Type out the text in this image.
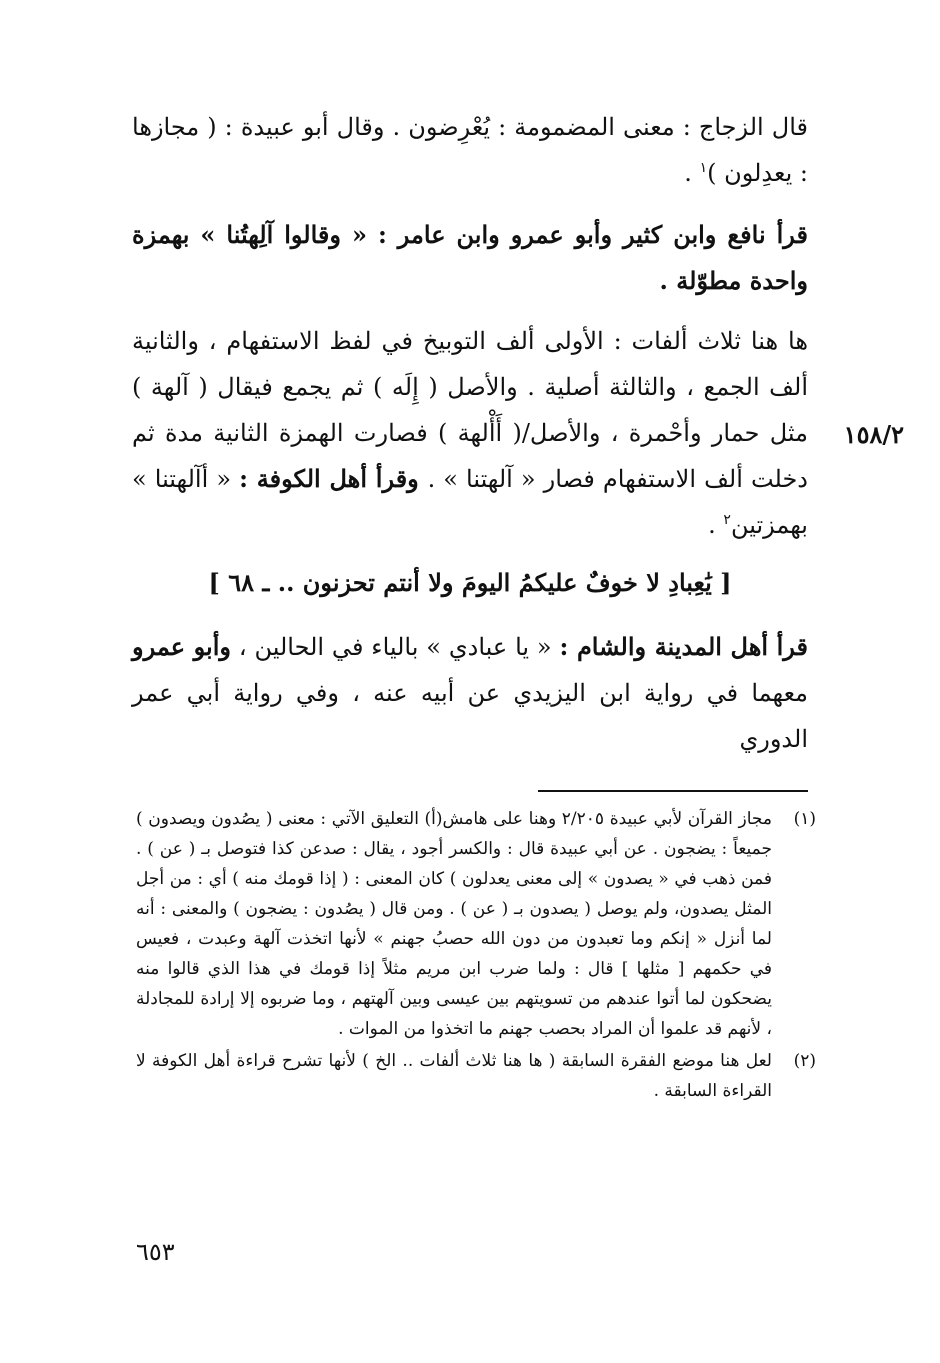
قال الزجاج : معنى المضمومة : يُعْرِضون . وقال أبو عبيدة : ( مجازها : يعدِلون )$^١$ .
قرأ نافع وابن كثير وأبو عمرو وابن عامر : « وقالوا آلِهتُنا » بهمزة واحدة مطوّلة .
ها هنا ثلاث ألفات : الأولى ألف التوبيخ في لفظ الاستفهام ، والثانية ألف الجمع ، والثالثة أصلية . والأصل ( إِلَه ) ثم يجمع فيقال ( آلهة ) مثل حمار وأحْمرة ، والأصل/( أَأْلهة ) فصارت الهمزة الثانية مدة ثم دخلت ألف الاستفهام فصار « آلهتنا » . وقرأ أهل الكوفة : « أآلهتنا » بهمزتين$^٢$ .
١٥٨/٢
[ يَٰعِبادِ لا خوفٌ عليكمُ اليومَ ولا أنتم تحزنون .. ـ ٦٨ ]
قرأ أهل المدينة والشام : « يا عبادي » بالياء في الحالين ، وأبو عمرو معهما في رواية ابن اليزيدي عن أبيه عنه ، وفي رواية أبي عمر الدوري
(١)
مجاز القرآن لأبي عبيدة ٢/٢٠٥ وهنا على هامش(أ) التعليق الآتي : معنى ( يصُدون ويصدون ) جميعاً : يضجون . عن أبي عبيدة قال : والكسر أجود ، يقال : صدعن كذا فتوصل بـ ( عن ) . فمن ذهب في « يصدون » إلى معنى يعدلون ) كان المعنى : ( إذا قومك منه ) أي : من أجل المثل يصدون، ولم يوصل ( يصدون بـ ( عن ) . ومن قال ( يصُدون : يضجون ) والمعنى : أنه لما أنزل « إنكم وما تعبدون من دون الله حصبُ جهنم » لأنها اتخذت آلهة وعبدت ، فعيس في حكمهم [ مثلها ] قال : ولما ضرب ابن مريم مثلاً إذا قومك في هذا الذي قالوا منه يضحكون لما أتوا عندهم من تسويتهم بين عيسى وبين آلهتهم ، وما ضربوه إلا إرادة للمجادلة ، لأنهم قد علموا أن المراد بحصب جهنم ما اتخذوا من الموات .
(٢)
لعل هنا موضع الفقرة السابقة ( ها هنا ثلاث ألفات .. الخ ) لأنها تشرح قراءة أهل الكوفة لا القراءة السابقة .
٦٥٣
